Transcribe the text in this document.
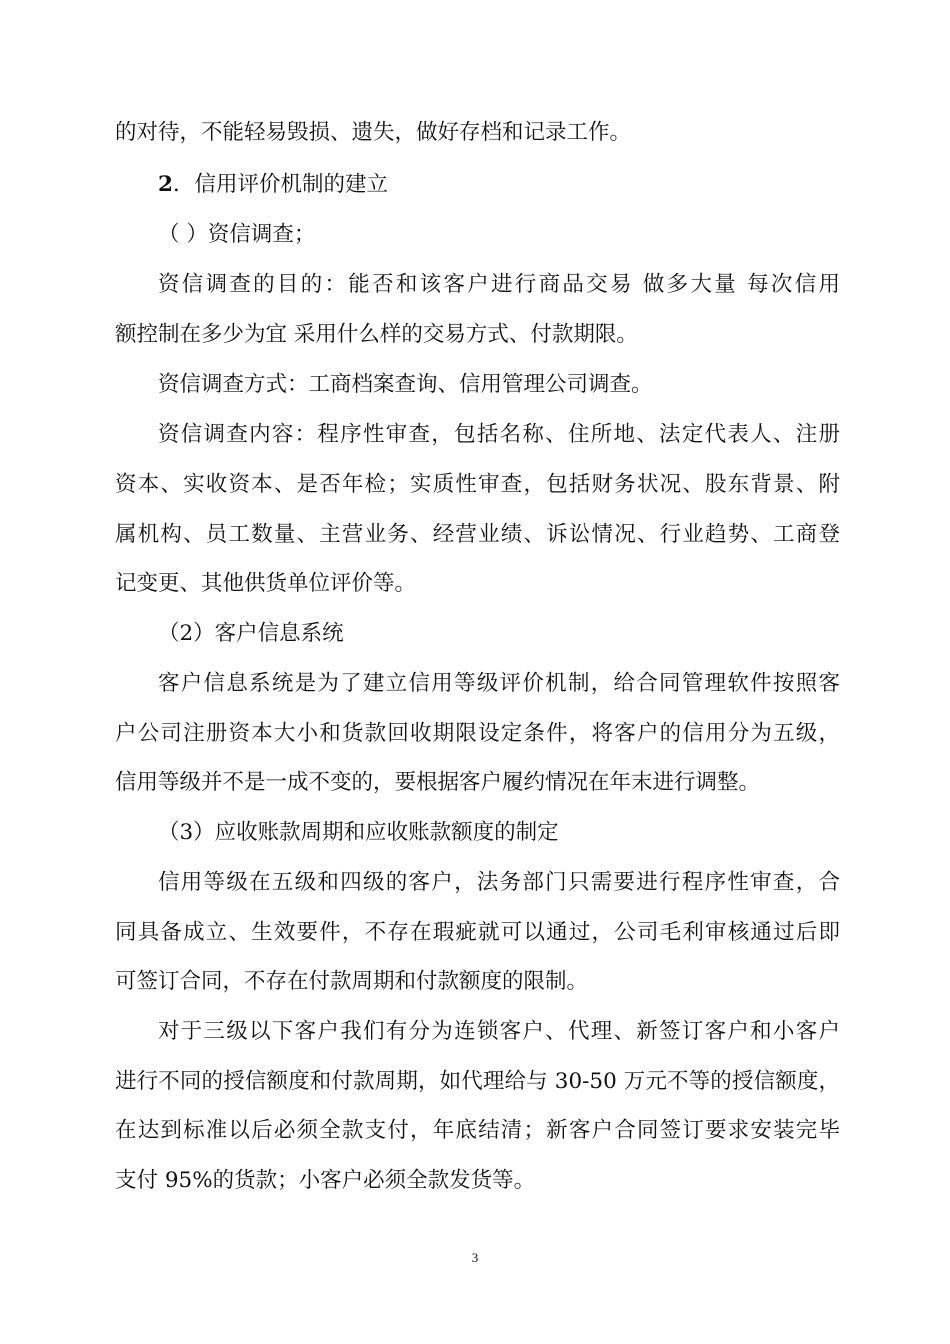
的对待，不能轻易毁损、遗失，做好存档和记录工作。
2．信用评价机制的建立
（ ）资信调查；
资信调查的目的：能否和该客户进行商品交易 做多大量 每次信用
额控制在多少为宜 采用什么样的交易方式、付款期限。
资信调查方式：工商档案查询、信用管理公司调查。
资信调查内容：程序性审查，包括名称、住所地、法定代表人、注册
资本、实收资本、是否年检；实质性审查，包括财务状况、股东背景、附
属机构、员工数量、主营业务、经营业绩、诉讼情况、行业趋势、工商登
记变更、其他供货单位评价等。
（2）客户信息系统
客户信息系统是为了建立信用等级评价机制，给合同管理软件按照客
户公司注册资本大小和货款回收期限设定条件，将客户的信用分为五级，
信用等级并不是一成不变的，要根据客户履约情况在年末进行调整。
（3）应收账款周期和应收账款额度的制定
信用等级在五级和四级的客户，法务部门只需要进行程序性审查，合
同具备成立、生效要件，不存在瑕疵就可以通过，公司毛利审核通过后即
可签订合同，不存在付款周期和付款额度的限制。
对于三级以下客户我们有分为连锁客户、代理、新签订客户和小客户
进行不同的授信额度和付款周期，如代理给与 30-50 万元不等的授信额度，
在达到标准以后必须全款支付，年底结清；新客户合同签订要求安装完毕
支付 95%的货款；小客户必须全款发货等。
3
